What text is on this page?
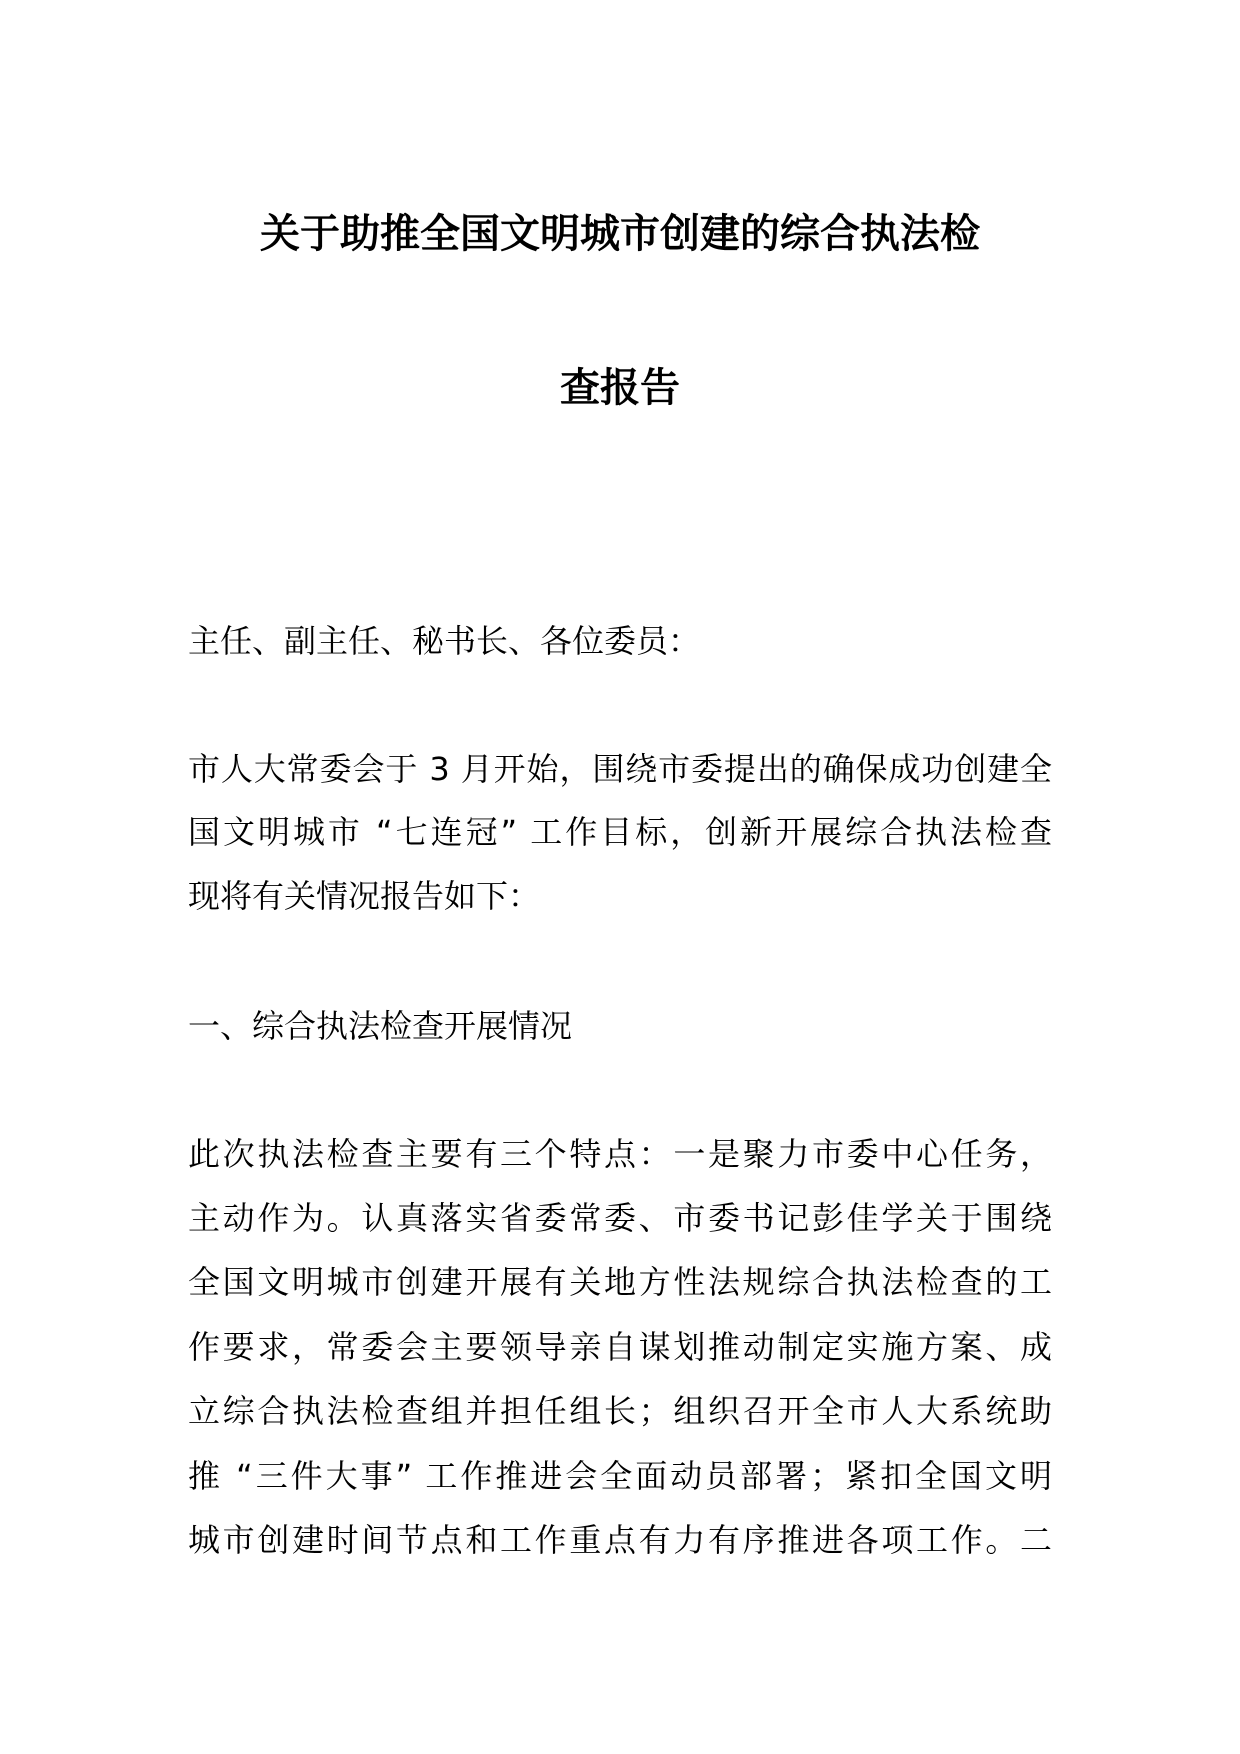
关于助推全国文明城市创建的综合执法检
查报告
主任、副主任、秘书长、各位委员：
市人大常委会于 3 月开始，围绕市委提出的确保成功创建全
国文明城市 “七连冠” 工作目标，创新开展综合执法检查
现将有关情况报告如下：
一、综合执法检查开展情况
此次执法检查主要有三个特点：一是聚力市委中心任务，
主动作为。认真落实省委常委、市委书记彭佳学关于围绕
全国文明城市创建开展有关地方性法规综合执法检查的工
作要求，常委会主要领导亲自谋划推动制定实施方案、成
立综合执法检查组并担任组长；组织召开全市人大系统助
推 “三件大事” 工作推进会全面动员部署；紧扣全国文明
城市创建时间节点和工作重点有力有序推进各项工作。二
